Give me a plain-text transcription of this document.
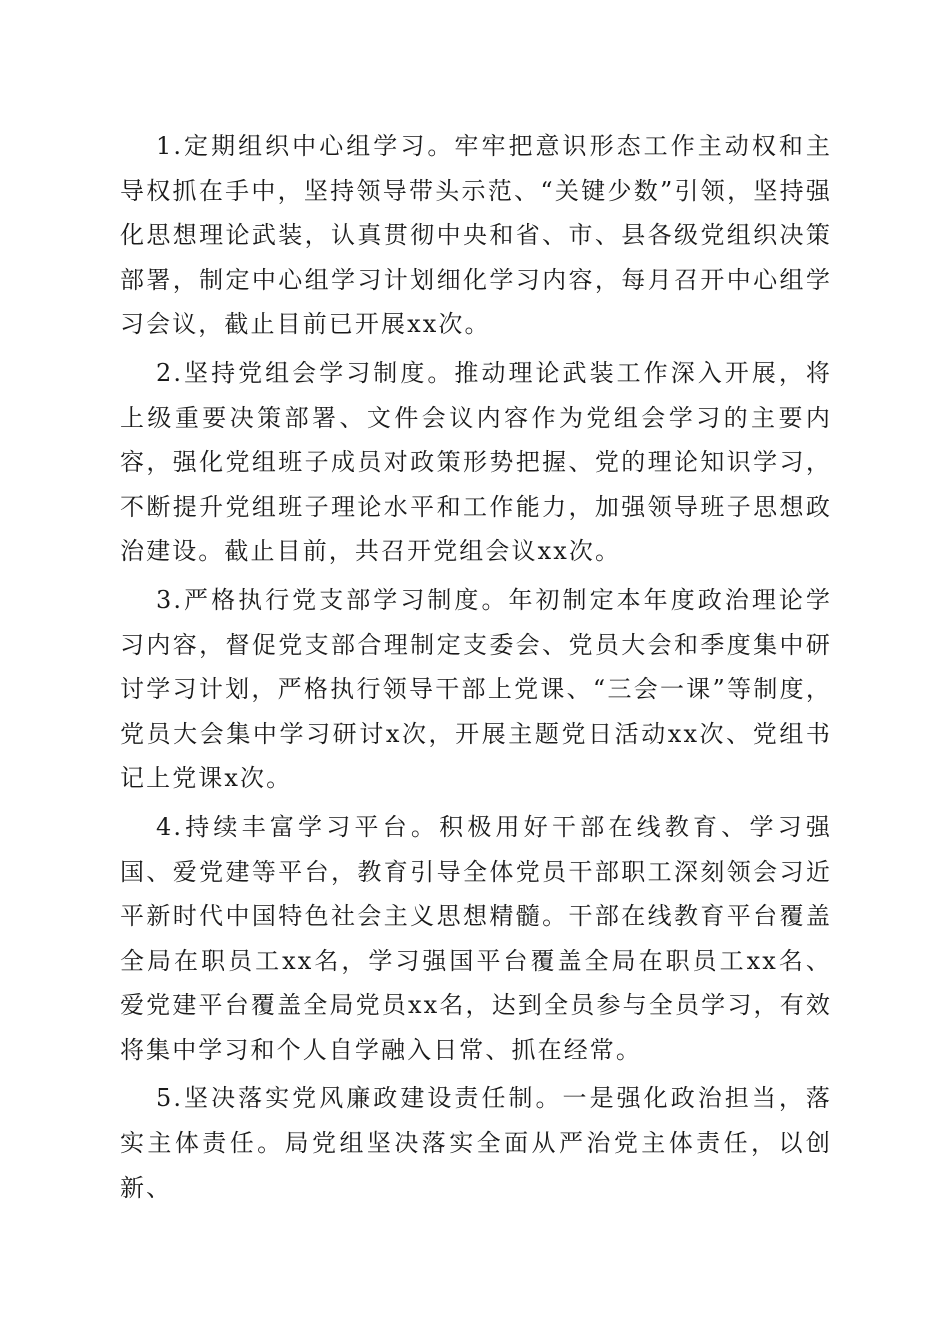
1.定期组织中心组学习。牢牢把意识形态工作主动权和主导权抓在手中，坚持领导带头示范、“关键少数”引领，坚持强化思想理论武装，认真贯彻中央和省、市、县各级党组织决策部署，制定中心组学习计划细化学习内容，每月召开中心组学习会议，截止目前已开展xx次。

2.坚持党组会学习制度。推动理论武装工作深入开展，将上级重要决策部署、文件会议内容作为党组会学习的主要内容，强化党组班子成员对政策形势把握、党的理论知识学习，不断提升党组班子理论水平和工作能力，加强领导班子思想政治建设。截止目前，共召开党组会议xx次。

3.严格执行党支部学习制度。年初制定本年度政治理论学习内容，督促党支部合理制定支委会、党员大会和季度集中研讨学习计划，严格执行领导干部上党课、“三会一课”等制度，党员大会集中学习研讨x次，开展主题党日活动xx次、党组书记上党课x次。

4.持续丰富学习平台。积极用好干部在线教育、学习强国、爱党建等平台，教育引导全体党员干部职工深刻领会习近平新时代中国特色社会主义思想精髓。干部在线教育平台覆盖全局在职员工xx名，学习强国平台覆盖全局在职员工xx名、爱党建平台覆盖全局党员xx名，达到全员参与全员学习，有效将集中学习和个人自学融入日常、抓在经常。

5.坚决落实党风廉政建设责任制。一是强化政治担当，落实主体责任。局党组坚决落实全面从严治党主体责任，以创新、
